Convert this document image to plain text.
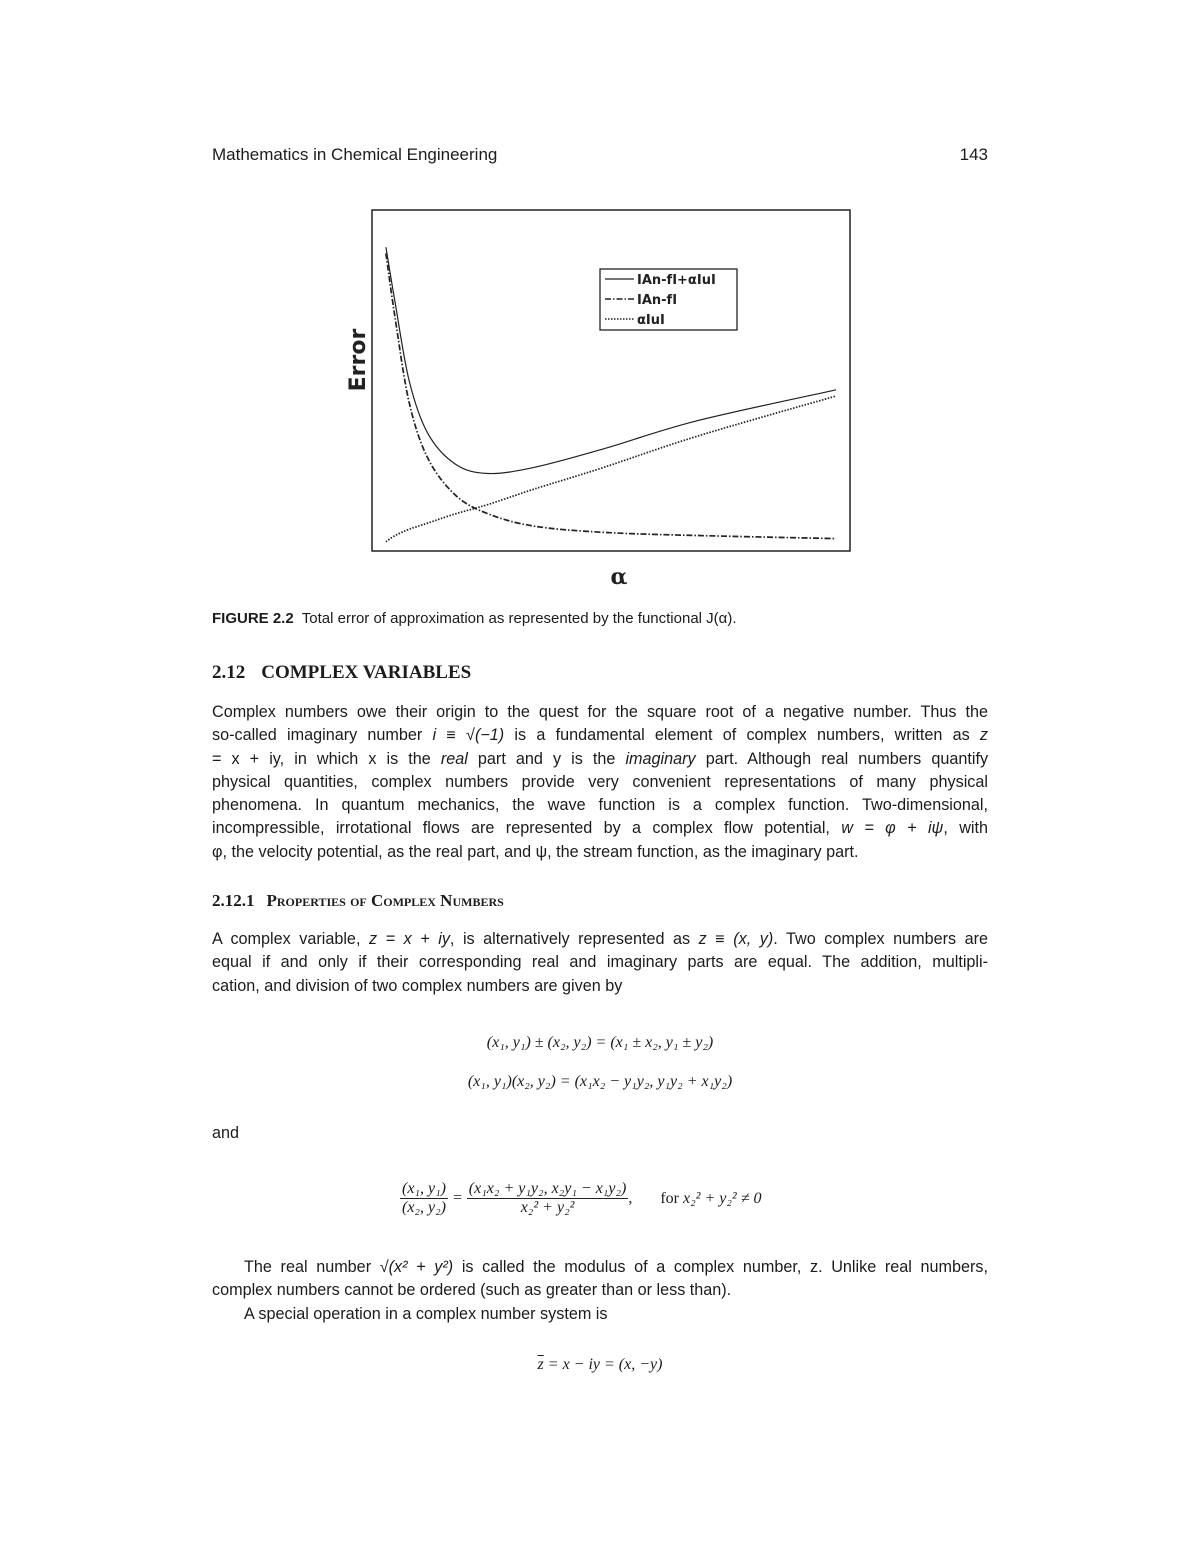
Mathematics in Chemical Engineering	143
Error
α
IAn-fI+αIuI
IAn-fI
αIuI
FIGURE 2.2 Total error of approximation as represented by the functional J(α).
2.12 COMPLEX VARIABLES
Complex numbers owe their origin to the quest for the square root of a negative number. Thus the
so-called imaginary number i ≡ √(−1) is a fundamental element of complex numbers, written as z
= x + iy, in which x is the real part and y is the imaginary part. Although real numbers quantify
physical quantities, complex numbers provide very convenient representations of many physical
phenomena. In quantum mechanics, the wave function is a complex function. Two-dimensional,
incompressible, irrotational flows are represented by a complex flow potential, w = φ + iψ, with
φ, the velocity potential, as the real part, and ψ, the stream function, as the imaginary part.
2.12.1 Properties of Complex Numbers
A complex variable, z = x + iy, is alternatively represented as z ≡ (x, y). Two complex numbers are
equal if and only if their corresponding real and imaginary parts are equal. The addition, multipli-
cation, and division of two complex numbers are given by
(x₁, y₁) ± (x₂, y₂) = (x₁ ± x₂, y₁ ± y₂)
(x₁, y₁)(x₂, y₂) = (x₁x₂ − y₁y₂, y₁y₂ + x₁y₂)
and
$\frac{\text{(x₁, y₁)}}{\text{(x₂, y₂)}} = \frac{\text{(x₁x₂ + y₁y₂, x₂y₁ − x₁y₂)}}{\text{x₂² + y₂²}}$ , for x₂² + y₂² ≠ 0
The real number √(x² + y²) is called the modulus of a complex number, z. Unlike real numbers,
complex numbers cannot be ordered (such as greater than or less than).
A special operation in a complex number system is
$\overline{z} = x$ − iy = (x, −y)
